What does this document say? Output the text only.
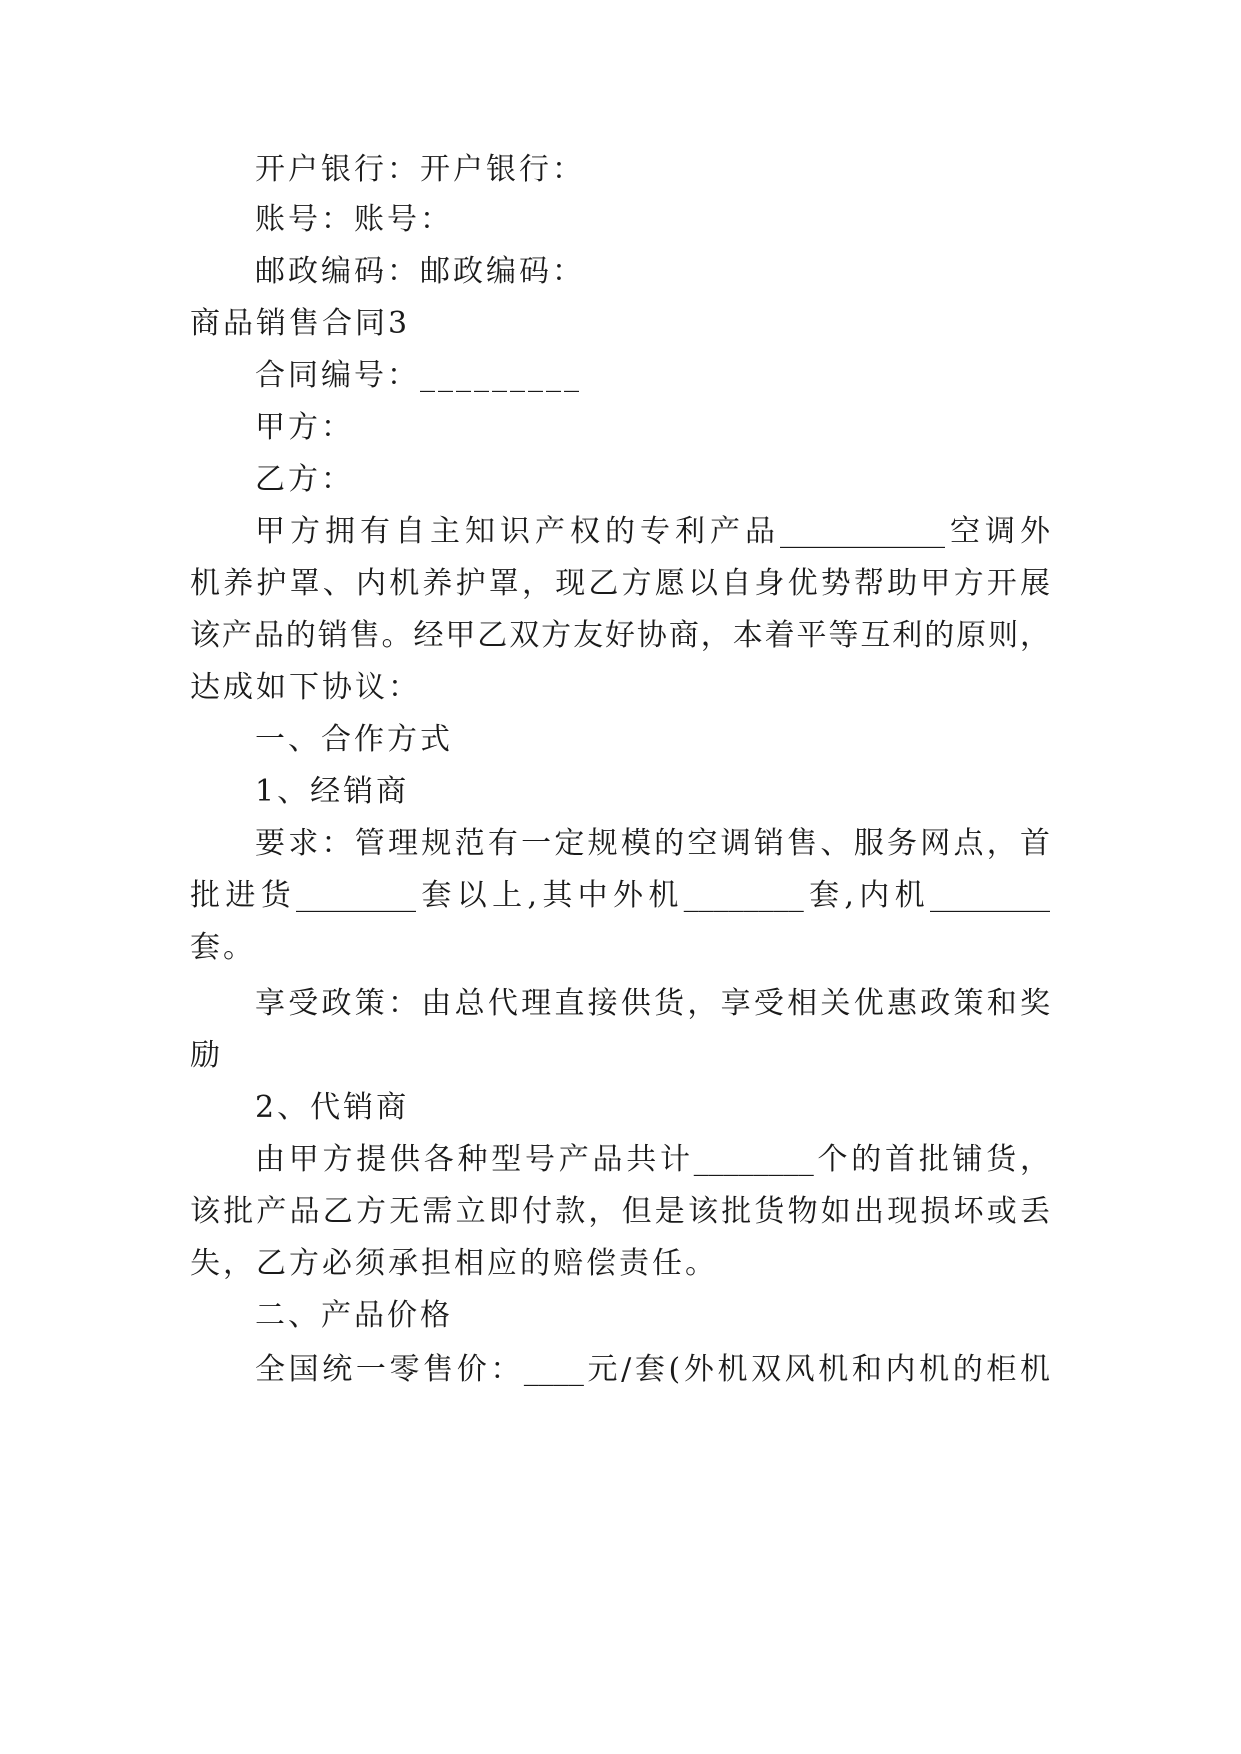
开户银行：开户银行：
账号：账号：
邮政编码：邮政编码：
商品销售合同3
合同编号：_________
甲方：
乙方：
甲方拥有自主知识产权的专利产品___________空调外
机养护罩、内机养护罩，现乙方愿以自身优势帮助甲方开展
该产品的销售。经甲乙双方友好协商，本着平等互利的原则，
达成如下协议：
一、合作方式
1、经销商
要求：管理规范有一定规模的空调销售、服务网点，首
批进货________套以上,其中外机________套,内机________
套。
享受政策：由总代理直接供货，享受相关优惠政策和奖
励
2、代销商
由甲方提供各种型号产品共计________个的首批铺货，
该批产品乙方无需立即付款，但是该批货物如出现损坏或丢
失，乙方必须承担相应的赔偿责任。
二、产品价格
全国统一零售价：____元/套(外机双风机和内机的柜机
